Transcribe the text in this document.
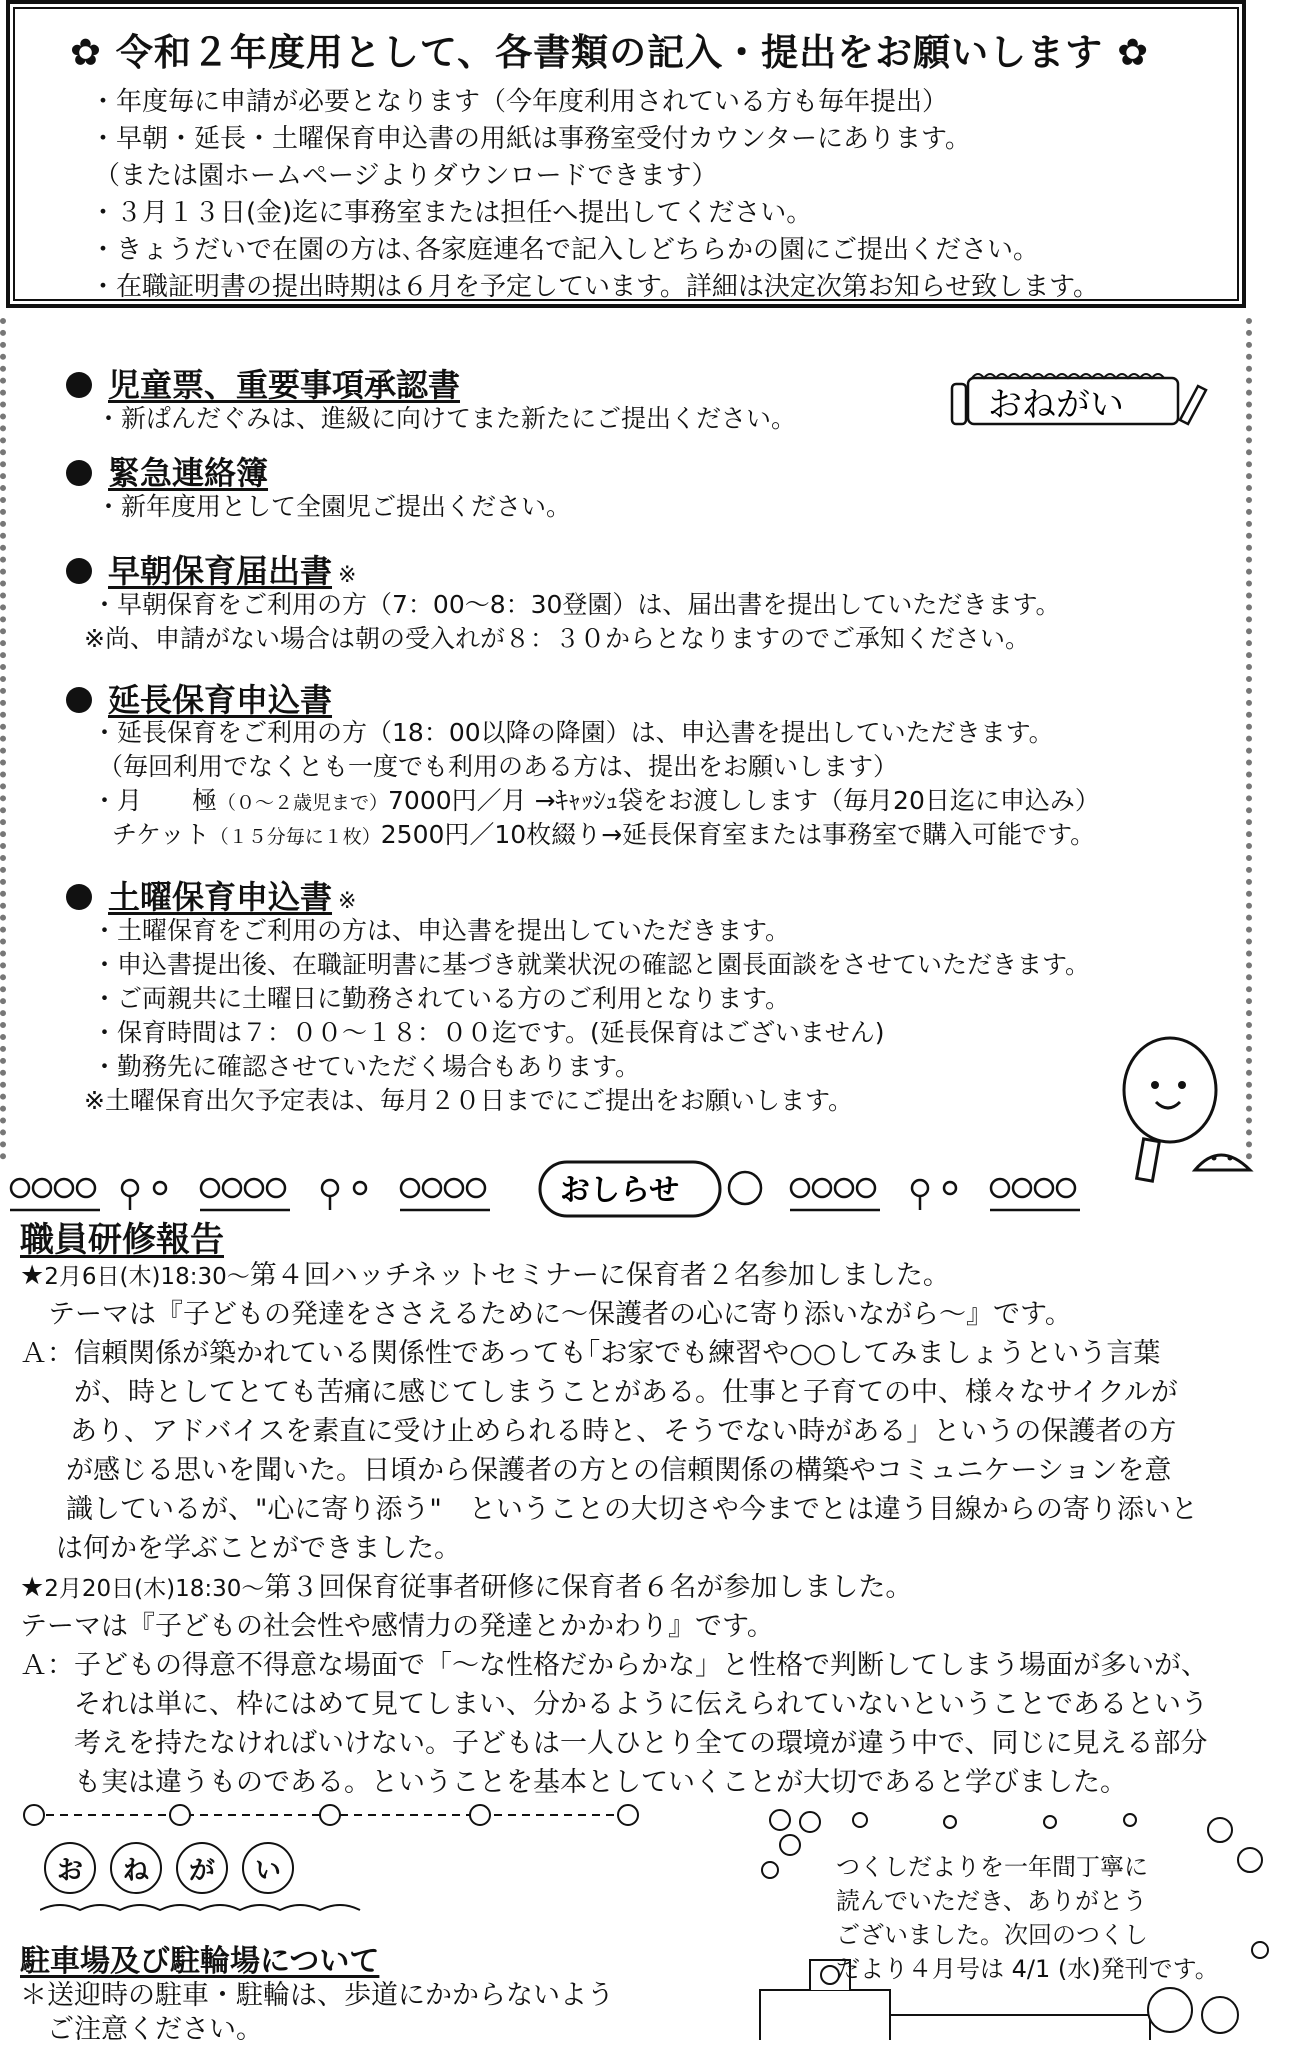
✿ 令和２年度用として、各書類の記入・提出をお願いします ✿
・年度毎に申請が必要となります（今年度利用されている方も毎年提出）
・早朝・延長・土曜保育申込書の用紙は事務室受付カウンターにあります。
（または園ホームページよりダウンロードできます）
・３月１３日(金)迄に事務室または担任へ提出してください。
・きょうだいで在園の方は､各家庭連名で記入しどちらかの園にご提出ください。
・在職証明書の提出時期は６月を予定しています。詳細は決定次第お知らせ致します。
おねがい
児童票、重要事項承認書
・新ぱんだぐみは、進級に向けてまた新たにご提出ください。
緊急連絡簿
・新年度用として全園児ご提出ください。
早朝保育届出書 ※
・早朝保育をご利用の方（7：00～8：30登園）は、届出書を提出していただきます。
※尚、申請がない場合は朝の受入れが８：３０からとなりますのでご承知ください。
延長保育申込書
・延長保育をご利用の方（18：00以降の降園）は、申込書を提出していただきます。
（毎回利用でなくとも一度でも利用のある方は、提出をお願いします）
・月　　極（０～２歳児まで）7000円／月 →ｷｬｯｼｭ袋をお渡しします（毎月20日迄に申込み）
チケット（１５分毎に１枚）2500円／10枚綴り→延長保育室または事務室で購入可能です。
土曜保育申込書 ※
・土曜保育をご利用の方は、申込書を提出していただきます。
・申込書提出後、在職証明書に基づき就業状況の確認と園長面談をさせていただきます。
・ご両親共に土曜日に勤務されている方のご利用となります。
・保育時間は７：００～１８：００迄です。(延長保育はございません)
・勤務先に確認させていただく場合もあります。
※土曜保育出欠予定表は、毎月２０日までにご提出をお願いします。
おしらせ
職員研修報告
★2月6日(木)18:30～第４回ハッチネットセミナーに保育者２名参加しました。
テーマは『子どもの発達をささえるために～保護者の心に寄り添いながら～』です。
Ａ：信頼関係が築かれている関係性であっても｢お家でも練習や○○してみましょうという言葉
が、時としてとても苦痛に感じてしまうことがある。仕事と子育ての中、様々なサイクルが
あり、アドバイスを素直に受け止められる時と、そうでない時がある」というの保護者の方
が感じる思いを聞いた。日頃から保護者の方との信頼関係の構築やコミュニケーションを意
識しているが、"心に寄り添う"　ということの大切さや今までとは違う目線からの寄り添いと
は何かを学ぶことができました。
★2月20日(木)18:30～第３回保育従事者研修に保育者６名が参加しました。
テーマは『子どもの社会性や感情力の発達とかかわり』です。
Ａ：子どもの得意不得意な場面で「～な性格だからかな」と性格で判断してしまう場面が多いが、
それは単に、枠にはめて見てしまい、分かるように伝えられていないということであるという
考えを持たなければいけない。子どもは一人ひとり全ての環境が違う中で、同じに見える部分
も実は違うものである。ということを基本としていくことが大切であると学びました。
お	ね	が	い
駐車場及び駐輪場について
＊送迎時の駐車・駐輪は、歩道にかからないよう
　ご注意ください。
つくしだよりを一年間丁寧に
読んでいただき、ありがとう
ございました。次回のつくし
だより４月号は 4/1 (水)発刊です。
